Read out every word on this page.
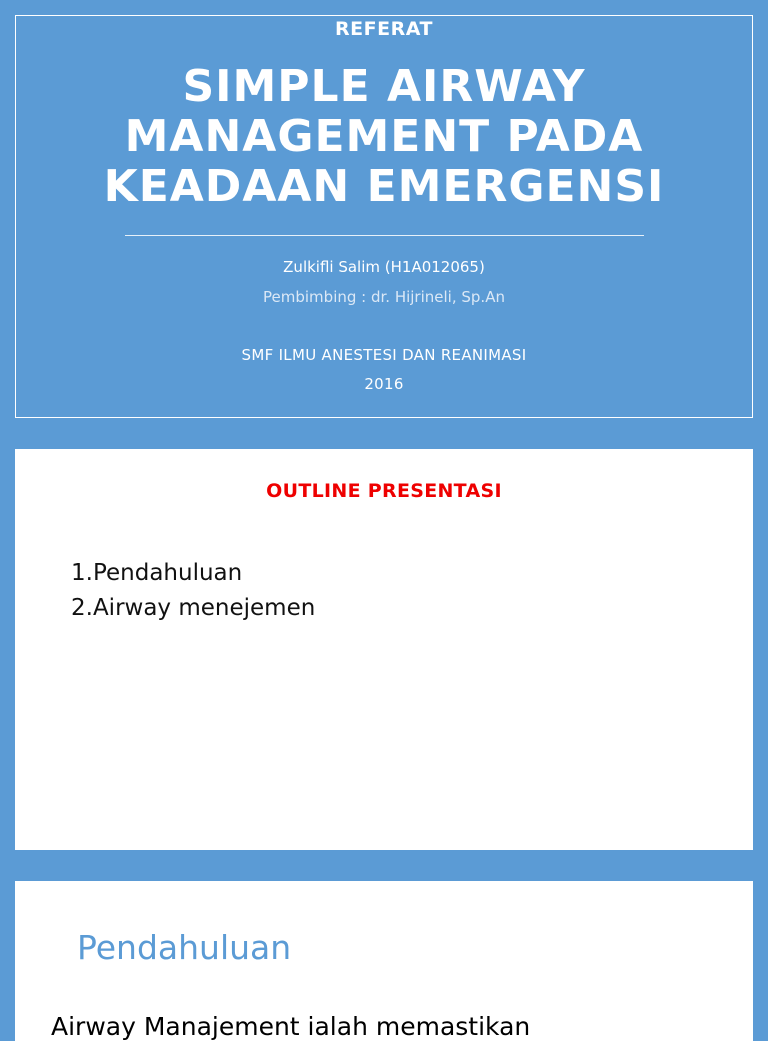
REFERAT
SIMPLE AIRWAY
MANAGEMENT PADA
KEADAAN EMERGENSI
Zulkifli Salim (H1A012065)
Pembimbing : dr. Hijrineli, Sp.An
SMF ILMU ANESTESI DAN REANIMASI
2016
OUTLINE PRESENTASI
1.Pendahuluan
2.Airway menejemen
Pendahuluan
Airway Manajement ialah memastikan
